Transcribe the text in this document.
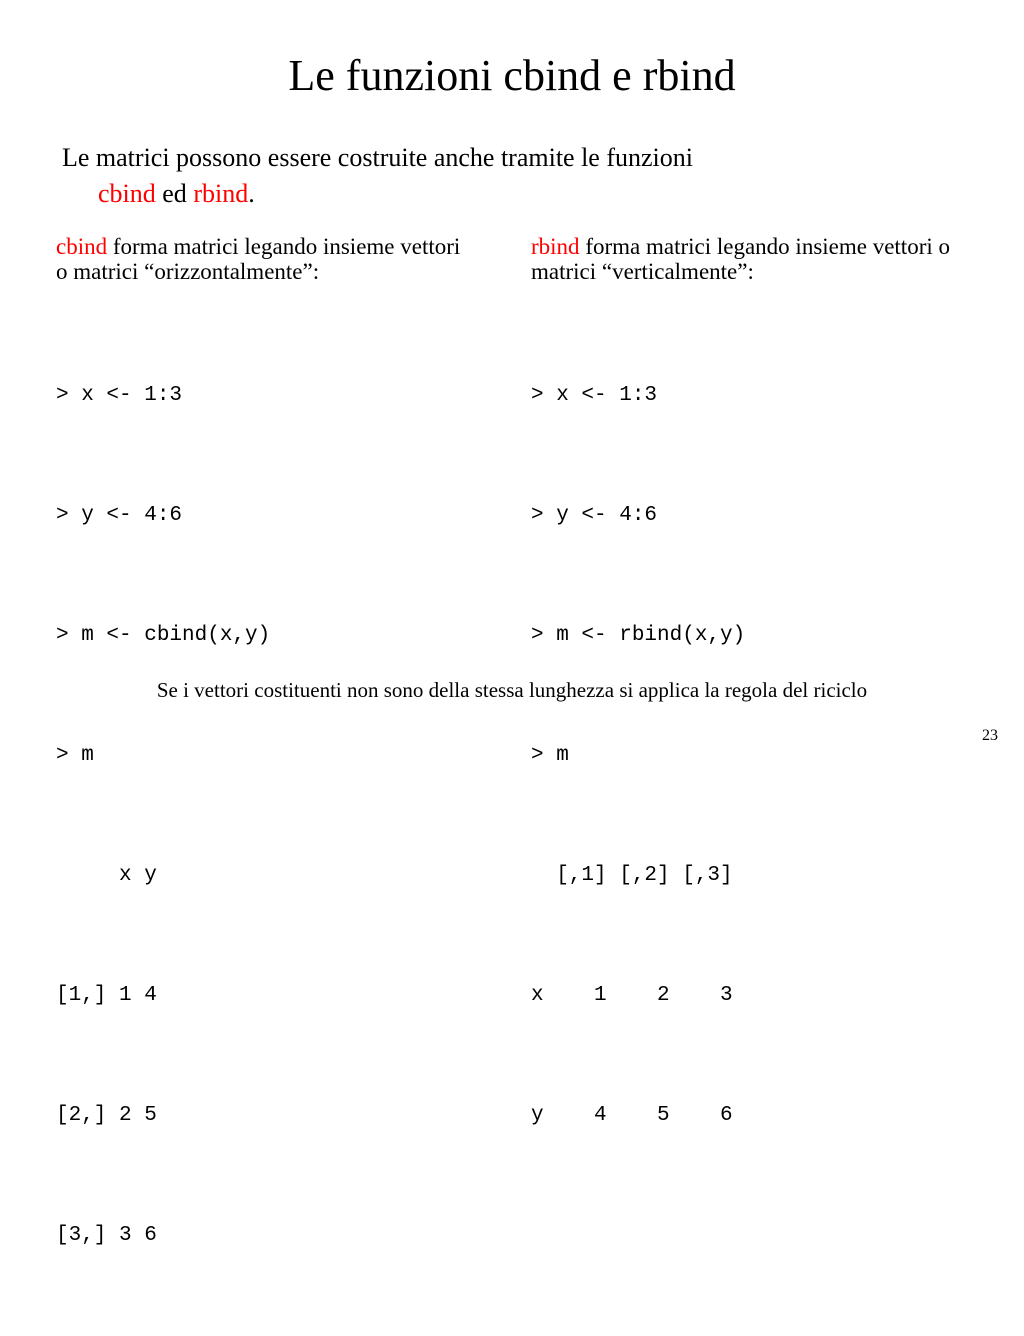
Le funzioni cbind e rbind
Le matrici possono essere costruite anche tramite le funzioni
cbind ed rbind.

cbind forma matrici legando insieme vettori o matrici “orizzontalmente”:

> x <- 1:3

> y <- 4:6

> m <- cbind(x,y)

> m

x y

[1,] 1 4

[2,] 2 5

[3,] 3 6

rbind forma matrici legando insieme vettori o matrici “verticalmente”:

> x <- 1:3

> y <- 4:6

> m <- rbind(x,y)

> m

[,1] [,2] [,3]

x    1    2    3

y    4    5    6

Se i vettori costituenti non sono della stessa lunghezza si applica la regola del riciclo
23
